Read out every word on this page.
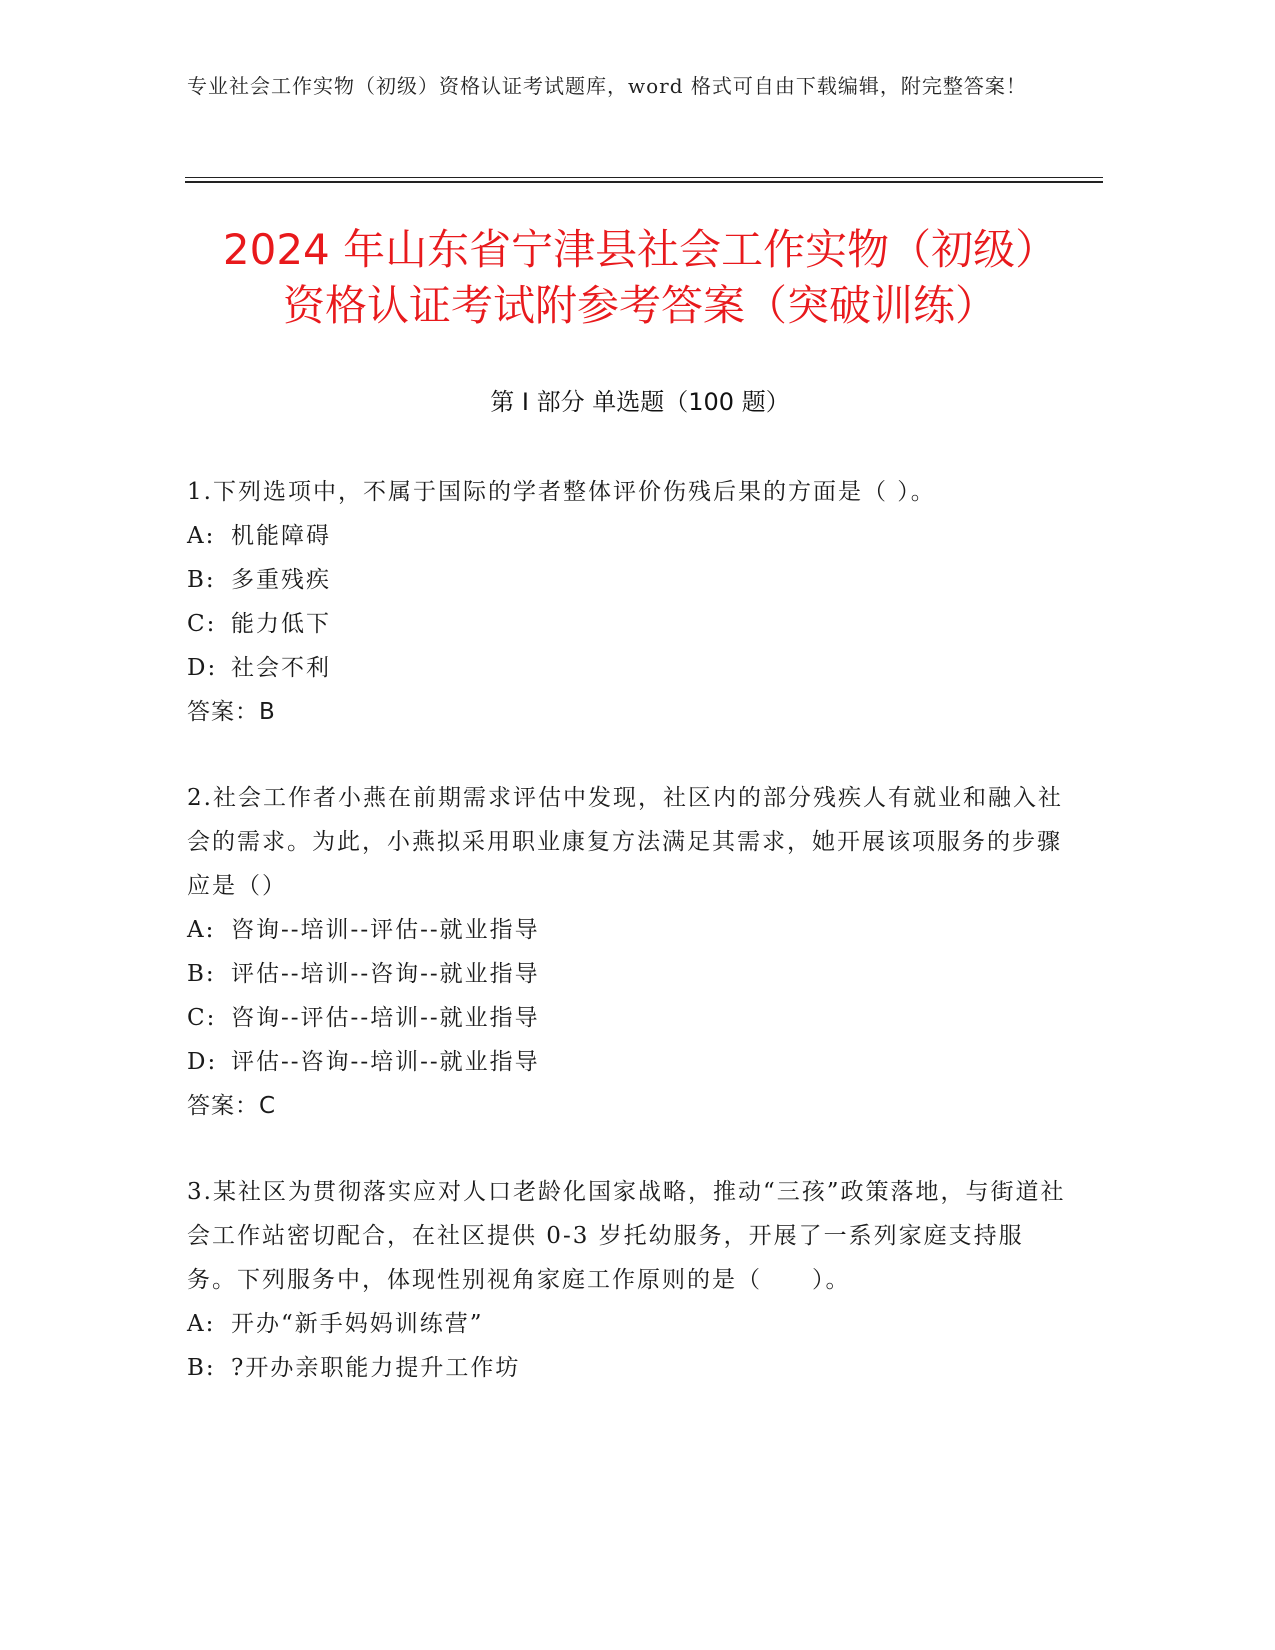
专业社会工作实物（初级）资格认证考试题库，word 格式可自由下载编辑，附完整答案！
2024 年山东省宁津县社会工作实物（初级）
资格认证考试附参考答案（突破训练）
第 I 部分 单选题（100 题）

1.下列选项中，不属于国际的学者整体评价伤残后果的方面是（ ）。

A: 机能障碍
B: 多重残疾
C: 能力低下
D: 社会不利
答案：B

2.社会工作者小燕在前期需求评估中发现，社区内的部分残疾人有就业和融入社会的需求。为此，小燕拟采用职业康复方法满足其需求，她开展该项服务的步骤应是（）

A: 咨询--培训--评估--就业指导
B: 评估--培训--咨询--就业指导
C: 咨询--评估--培训--就业指导
D: 评估--咨询--培训--就业指导
答案：C

3.某社区为贯彻落实应对人口老龄化国家战略，推动“三孩”政策落地，与街道社会工作站密切配合，在社区提供 0-3 岁托幼服务，开展了一系列家庭支持服务。下列服务中，体现性别视角家庭工作原则的是（　　）。

A: 开办“新手妈妈训练营”
B: ?开办亲职能力提升工作坊
